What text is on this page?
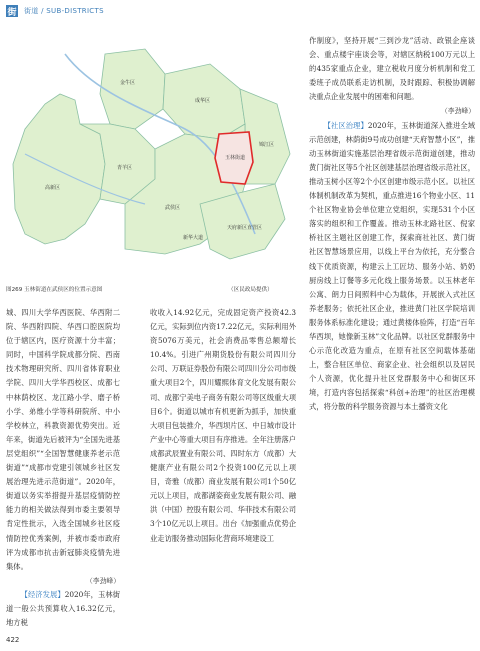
街 街道 / SUB-DISTRICTS
高新区
金牛区
青羊区
成华区
锦江区
武侯区
玉林街道
新华大道
天府新区直管区
图269 玉林街道在武侯区的位置示意图	（区民政局提供）

作制度》，坚持开展“三到沙龙”活动、政银企座谈会、重点楼宇座谈会等，对辖区纳税100万元以上的435家重点企业，建立税收月度分析机制和党工委班子成员联系走访机制，及时跟踪、积极协调解决重点企业发展中的困难和问题。

（李劲峰）

【社区治理】2020年，玉林街道深入推进全域示范创建，林荫街9号成功创建“天府智慧小区”，推动玉林街道实施基层治理省级示范街道创建，推动黄门街社区等5个社区创建基层治理省级示范社区，推动玉树小区等2个小区创建市级示范小区。以社区体制机制改革为契机，重点推进16个物业小区、11个社区物业协会单位建立党组织，实现531个小区落实的组织和工作覆盖。推动玉林北路社区、倪家桥社区主题社区创建工作，探索商社社区、黄门街社区智慧场景应用，以线上平台为依托，充分整合线下优质资源，构建云上工匠坊、服务小站、奶奶厨房线上订餐等多元化线上服务场景。以玉林老年公寓、朗力日间照料中心为载体，开展嵌入式社区养老服务；依托社区企业，推进黄门社区学院培训服务体系标准化建设；通过黄楼体验阵，打造“百年华西坝，她像新玉林”文化品牌。以社区党群服务中心示范化改造为重点，在原有社区空间载体基础上，整合驻区单位、商家企业、社会组织以及居民个人资源，优化提升社区党群服务中心和街区环境，打造内容包括探索“科创+治理”的社区治理模式，将分散的科学服务资源与本土播资文化

城、四川大学华西医院、华西附二院、华西附四院、华西口腔医院均位于辖区内，医疗资源十分丰富；同时，中国科学院成都分院、西南技术物理研究所、四川省体育职业学院、四川大学华西校区、成都七中林荫校区、龙江路小学、磨子桥小学、弟维小学等科研院所、中小学校林立，科教资源优势突出。近年来，街道先后被评为“全国先进基层党组织”“全国智慧健康养老示范街道”“成都市党建引领城乡社区发展治理先进示范街道”。2020年，街道以务实举措提升基层疫情防控能力的相关做法得到市委主要领导肯定性批示，入选全国城乡社区疫情防控优秀案例，并被市委市政府评为成都市抗击新冠肺炎疫情先进集体。

（李劲峰）

【经济发展】2020年，玉林街道一般公共预算收入16.32亿元，地方税

收收入14.92亿元，完成固定资产投资42.3亿元，实际到位内资17.22亿元，实际利用外资5076万美元，社会消费品零售总额增长10.4%。引进广州期货股份有限公司四川分公司、万联证券股份有限公司四川分公司市级重大项目2个，四川耀熙体育文化发展有限公司、成都宁美电子商务有限公司等区级重大项目6个。街道以城市有机更新为抓手，加快重大项目包装推介，华西坝片区、中日城市设计产业中心等重大项目有序推进。全年注册落户成都武辰置业有限公司、四时东方（成都）大健康产业有限公司2个投资100亿元以上项目，奇雅（成都）商业发展有限公司1个50亿元以上项目，成都湖姿商业发展有限公司、融洪（中国）控股有限公司、华菲技术有限公司3个10亿元以上项目。出台《加强重点优势企业走访服务推动国际化营商环境建设工

422
